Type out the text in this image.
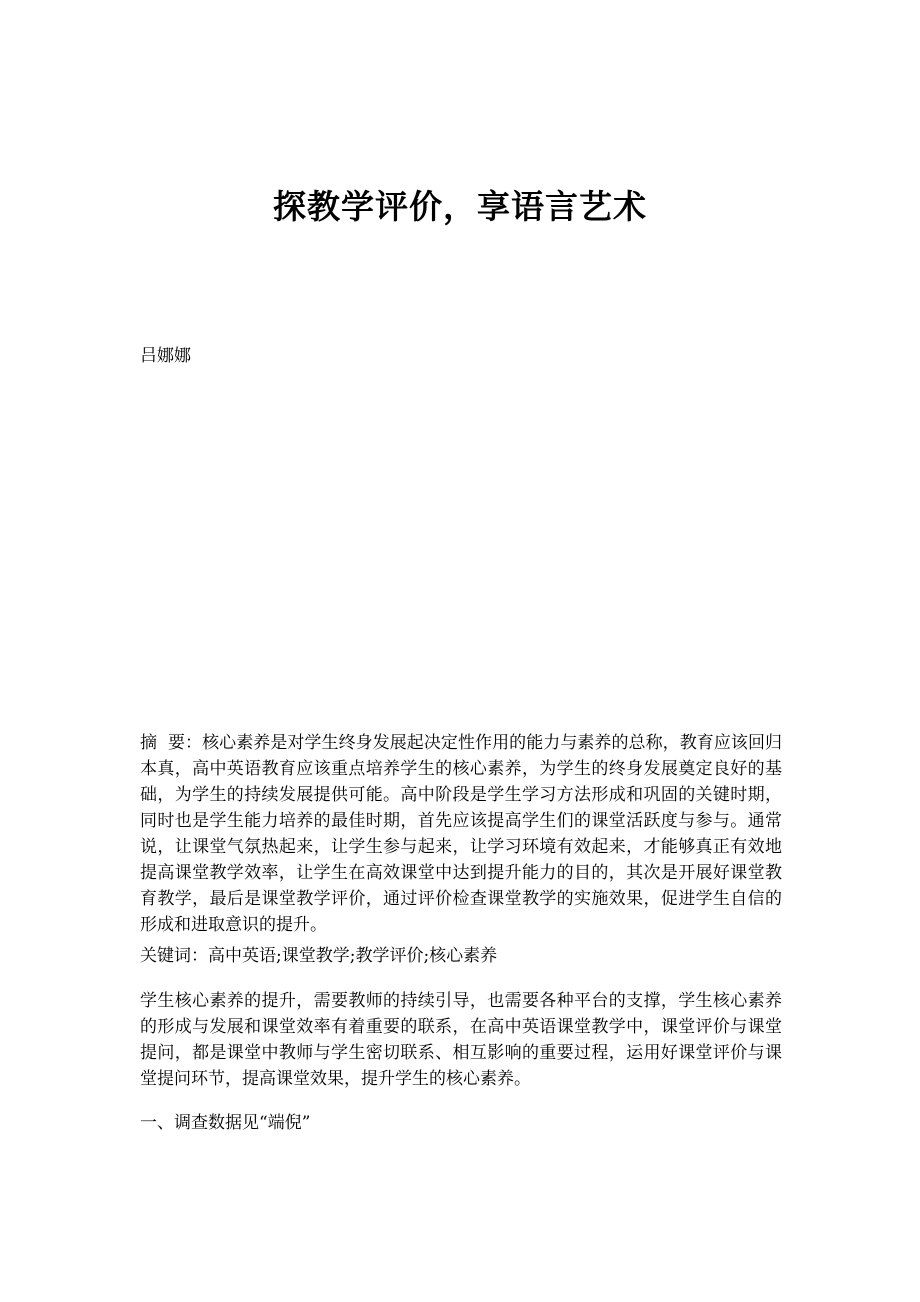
探教学评价，享语言艺术
吕娜娜

摘  要：核心素养是对学生终身发展起决定性作用的能力与素养的总称，教育应该回归本真，高中英语教育应该重点培养学生的核心素养，为学生的终身发展奠定良好的基础，为学生的持续发展提供可能。高中阶段是学生学习方法形成和巩固的关键时期，同时也是学生能力培养的最佳时期，首先应该提高学生们的课堂活跃度与参与。通常说，让课堂气氛热起来，让学生参与起来，让学习环境有效起来，才能够真正有效地提高课堂教学效率，让学生在高效课堂中达到提升能力的目的，其次是开展好课堂教育教学，最后是课堂教学评价，通过评价检查课堂教学的实施效果，促进学生自信的形成和进取意识的提升。

关键词：高中英语;课堂教学;教学评价;核心素养

学生核心素养的提升，需要教师的持续引导，也需要各种平台的支撑，学生核心素养的形成与发展和课堂效率有着重要的联系，在高中英语课堂教学中，课堂评价与课堂提问，都是课堂中教师与学生密切联系、相互影响的重要过程，运用好课堂评价与课堂提问环节，提高课堂效果，提升学生的核心素养。

一、调查数据见“端倪”
